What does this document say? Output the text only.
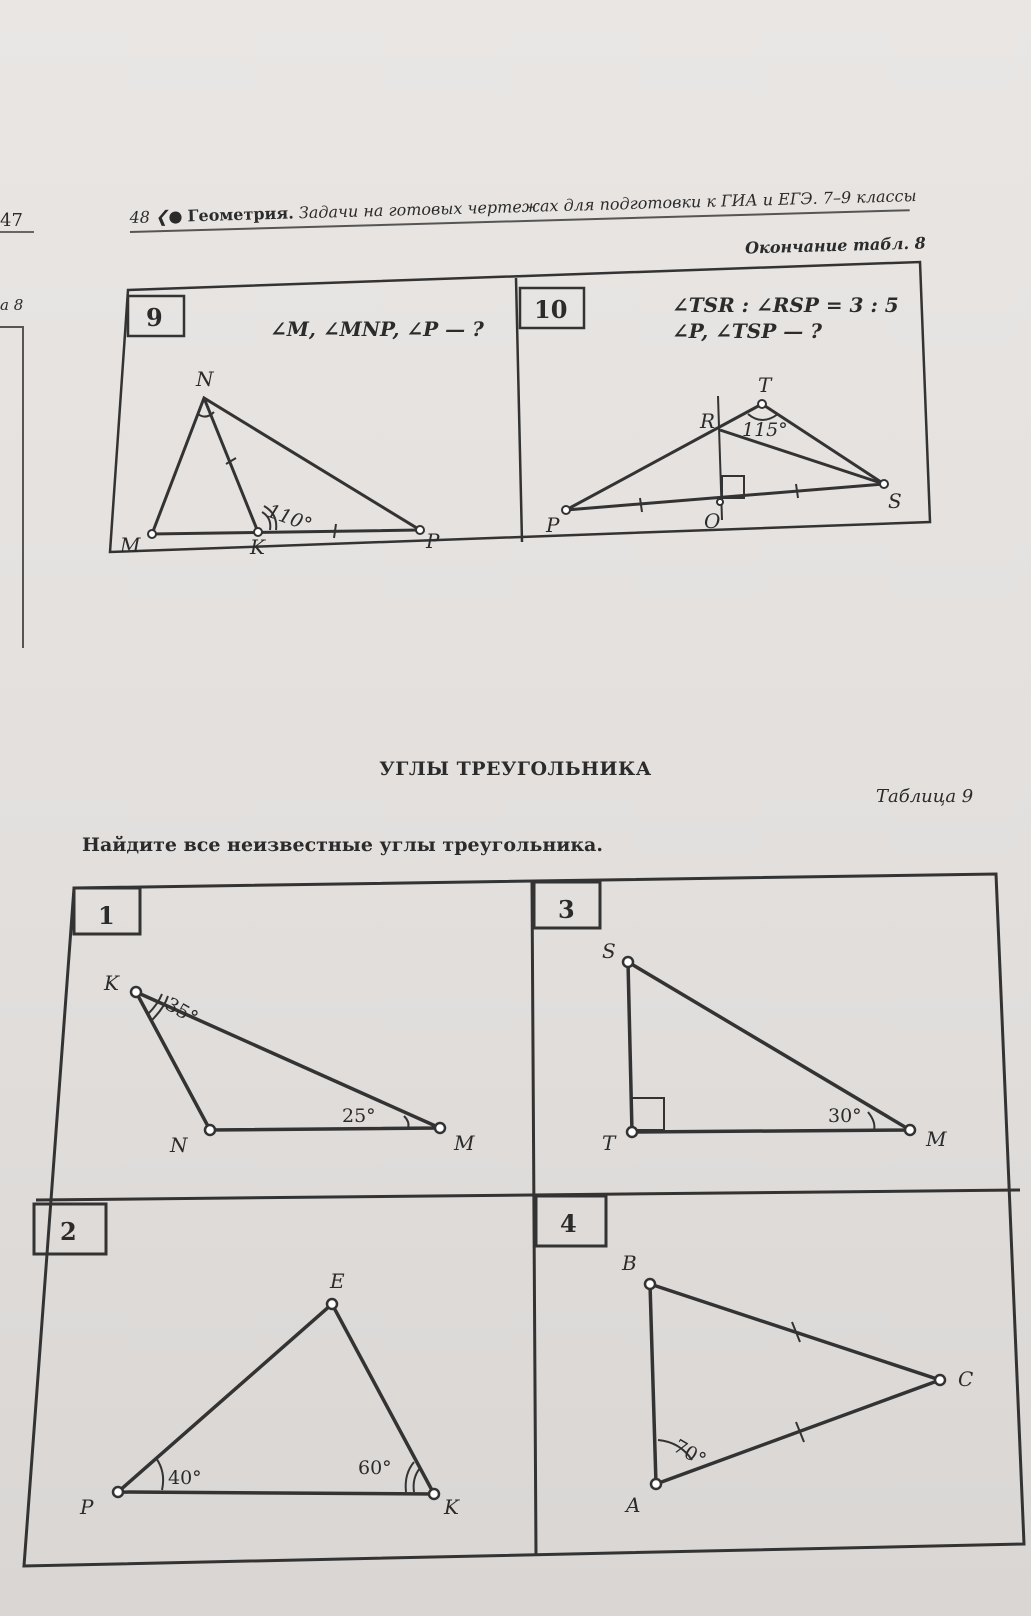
47
а 8
48 ❮● Геометрия. Задачи на готовых чертежах для подготовки к ГИА и ЕГЭ. 7–9 классы
Окончание табл. 8
9	10
∠M, ∠MNP, ∠P — ?
∠TSR : ∠RSP = 3 : 5
∠P, ∠TSP — ?
N
M	K	P
110°
T
R
P	O
S
115°
УГЛЫ ТРЕУГОЛЬНИКА
Таблица 9
Найдите все неизвестные углы треугольника.
1	3
2	4
K
N	M
35°
25°
S
T	M
30°
E
P	K
40°	60°
B
C
A
70°
